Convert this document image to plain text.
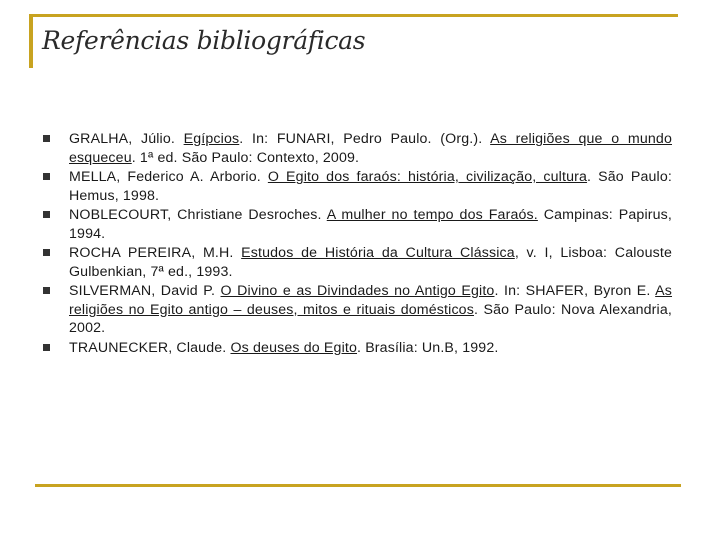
Referências bibliográficas
GRALHA, Júlio. Egípcios. In: FUNARI, Pedro Paulo. (Org.). As religiões que o mundo esqueceu. 1ª ed. São Paulo: Contexto, 2009.
MELLA, Federico A. Arborio. O Egito dos faraós: história, civilização, cultura. São Paulo: Hemus, 1998.
NOBLECOURT, Christiane Desroches. A mulher no tempo dos Faraós. Campinas: Papirus, 1994.
ROCHA PEREIRA, M.H. Estudos de História da Cultura Clássica, v. I, Lisboa: Calouste Gulbenkian, 7ª ed., 1993.
SILVERMAN, David P. O Divino e as Divindades no Antigo Egito. In: SHAFER, Byron E. As religiões no Egito antigo – deuses, mitos e rituais domésticos. São Paulo: Nova Alexandria, 2002.
TRAUNECKER, Claude. Os deuses do Egito. Brasília: Un.B, 1992.
